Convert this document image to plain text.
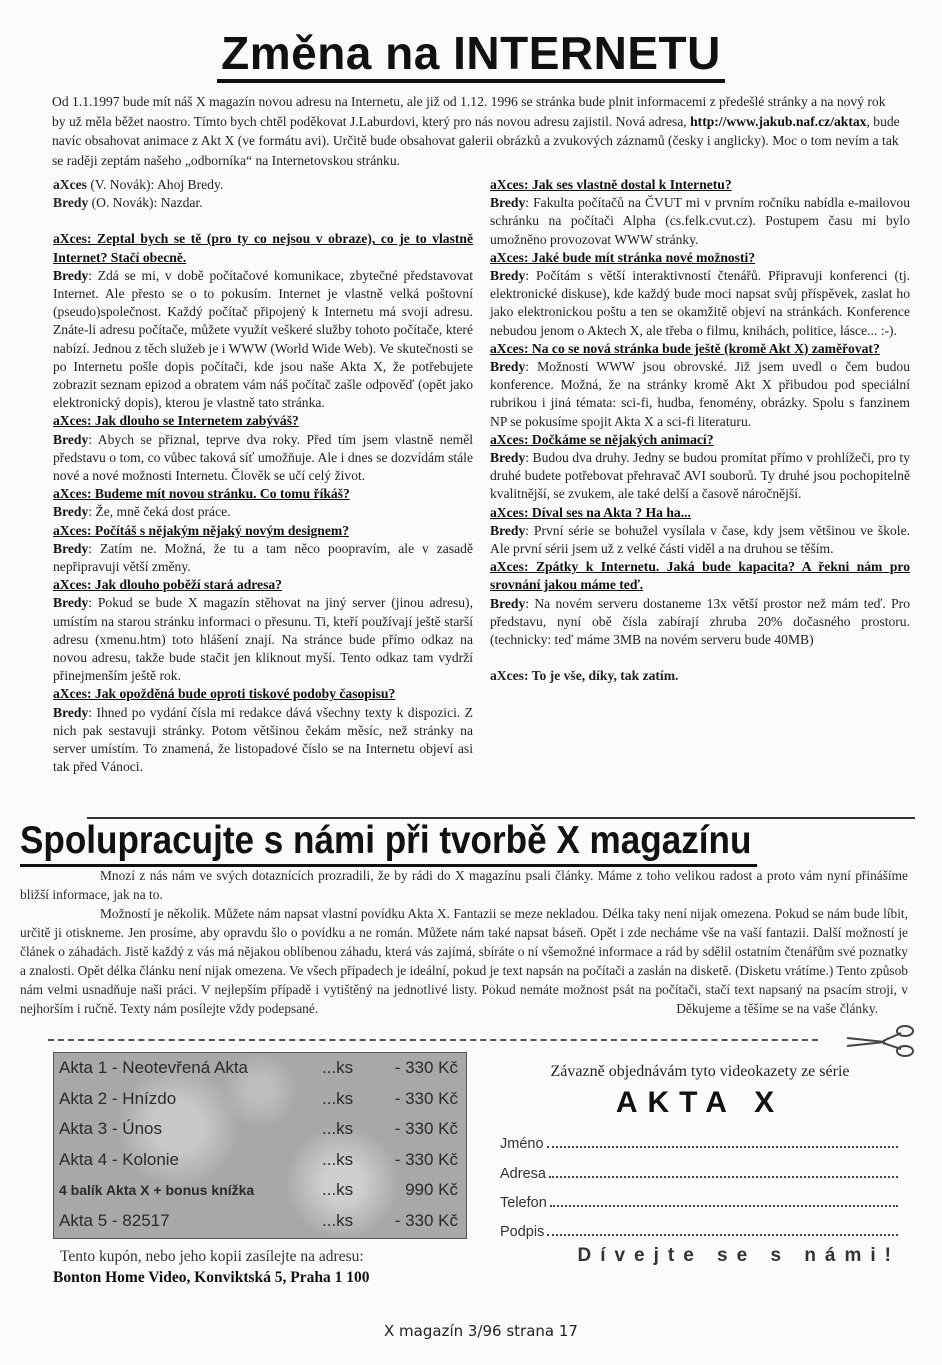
Změna na INTERNETU
Od 1.1.1997 bude mít náš X magazín novou adresu na Internetu, ale již od 1.12. 1996 se stránka bude plnit informacemi z předešlé stránky a na nový rok by už měla běžet naostro. Tímto bych chtěl poděkovat J.Laburdovi, který pro nás novou adresu zajistil. Nová adresa, http://www.jakub.naf.cz/aktax, bude navíc obsahovat animace z Akt X (ve formátu avi). Určitě bude obsahovat galerii obrázků a zvukových záznamů (česky i anglicky). Moc o tom nevím a tak se raději zeptám našeho „odborníka“ na Internetovskou stránku.
aXces (V. Novák): Ahoj Bredy.
Bredy (O. Novák): Nazdar.
aXces: Zeptal bych se tě (pro ty co nejsou v obraze), co je to vlastně Internet? Stačí obecně.
Bredy: Zdá se mi, v době počítačové komunikace, zbytečné představovat Internet. Ale přesto se o to pokusím. Internet je vlastně velká poštovní (pseudo)společnost. Každý počítač připojený k Internetu má svoji adresu. Znáte-li adresu počítače, můžete využít veškeré služby tohoto počítače, které nabízí. Jednou z těch služeb je i WWW (World Wide Web). Ve skutečnosti se po Internetu pošle dopis počítači, kde jsou naše Akta X, že potřebujete zobrazit seznam epizod a obratem vám náš počítač zašle odpověď (opět jako elektronický dopis), kterou je vlastně tato stránka.
aXces: Jak dlouho se Internetem zabýváš?
Bredy: Abych se přiznal, teprve dva roky. Před tím jsem vlastně neměl představu o tom, co vůbec taková síť umožňuje. Ale i dnes se dozvídám stále nové a nové možnosti Internetu. Člověk se učí celý život.
aXces: Budeme mít novou stránku. Co tomu říkáš?
Bredy: Že, mně čeká dost práce.
aXces: Počítáš s nějakým nějaký novým designem?
Bredy: Zatím ne. Možná, že tu a tam něco poopravím, ale v zasadě nepřipravuji větší změny.
aXces: Jak dlouho poběží stará adresa?
Bredy: Pokud se bude X magazín stěhovat na jiný server (jinou adresu), umístím na starou stránku informaci o přesunu. Ti, kteří používají ještě starší adresu (xmenu.htm) toto hlášení znají. Na stránce bude přímo odkaz na novou adresu, takže bude stačit jen kliknout myší. Tento odkaz tam vydrží přinejmenším ještě rok.
aXces: Jak opožděná bude oproti tiskové podoby časopisu?
Bredy: Ihned po vydání čísla mi redakce dává všechny texty k dispozici. Z nich pak sestavuji stránky. Potom většinou čekám měsíc, než stránky na server umístím. To znamená, že listopadové číslo se na Internetu objeví asi tak před Vánoci.
aXces: Jak ses vlastně dostal k Internetu?
Bredy: Fakulta počítačů na ČVUT mi v prvním ročníku nabídla e-mailovou schránku na počítači Alpha (cs.felk.cvut.cz). Postupem času mi bylo umožněno provozovat WWW stránky.
aXces: Jaké bude mít stránka nové možnosti?
Bredy: Počítám s větší interaktivností čtenářů. Připravuji konferenci (tj. elektronické diskuse), kde každý bude moci napsat svůj příspěvek, zaslat ho jako elektronickou poštu a ten se okamžitě objeví na stránkách. Konference nebudou jenom o Aktech X, ale třeba o filmu, knihách, politice, lásce... :-).
aXces: Na co se nová stránka bude ještě (kromě Akt X) zaměřovat?
Bredy: Možnosti WWW jsou obrovské. Již jsem uvedl o čem budou konference. Možná, že na stránky kromě Akt X přibudou pod speciální rubrikou i jiná témata: sci-fi, hudba, fenomény, obrázky. Spolu s fanzinem NP se pokusíme spojit Akta X a sci-fi literaturu.
aXces: Dočkáme se nějakých animací?
Bredy: Budou dva druhy. Jedny se budou promítat přímo v prohlížeči, pro ty druhé budete potřebovat přehravač AVI souborů. Ty druhé jsou pochopitelně kvalitnější, se zvukem, ale také delší a časově náročnější.
aXces: Díval ses na Akta ? Ha ha...
Bredy: První série se bohužel vysílala v čase, kdy jsem většinou ve škole. Ale první sérii jsem už z velké části viděl a na druhou se těším.
aXces: Zpátky k Internetu. Jaká bude kapacita? A řekni nám pro srovnání jakou máme teď.
Bredy: Na novém serveru dostaneme 13x větší prostor než mám teď. Pro představu, nyní obě čísla zabírají zhruba 20% dočasného prostoru. (technicky: teď máme 3MB na novém serveru bude 40MB)
aXces: To je vše, díky, tak zatím.
Spolupracujte s námi při tvorbě X magazínu
Mnozí z nás nám ve svých dotaznících prozradili, že by rádi do X magazínu psali články. Máme z toho velikou radost a proto vám nyní přinášíme bližší informace, jak na to.
Možností je několik. Můžete nám napsat vlastní povídku Akta X. Fantazii se meze nekladou. Délka taky není nijak omezena. Pokud se nám bude líbit, určitě ji otiskneme. Jen prosíme, aby opravdu šlo o povídku a ne román. Můžete nám také napsat báseň. Opět i zde necháme vše na vaší fantazii. Další možností je článek o záhadách. Jistě každý z vás má nějakou oblíbenou záhadu, která vás zajímá, sbíráte o ní všemožné informace a rád by sdělil ostatním čtenářům své poznatky a znalosti. Opět délka článku není nijak omezena. Ve všech případech je ideální, pokud je text napsán na počítači a zaslán na disketě. (Disketu vrátíme.) Tento způsob nám velmi usnadňuje naši práci. V nejlepším případě i vytištěný na jednotlivé listy. Pokud nemáte možnost psát na počítači, stačí text napsaný na psacím stroji, v nejhorším i ručně. Texty nám posílejte vždy podepsané.	Děkujeme a těšíme se na vaše články.
Akta 1 - Neotevřená Akta	...ks - 330 Kč
Akta 2 - Hnízdo	...ks - 330 Kč
Akta 3 - Únos	...ks - 330 Kč
Akta 4 - Kolonie	...ks - 330 Kč
4 balík Akta X + bonus knížka	...ks	990 Kč
Akta 5 - 82517	...ks - 330 Kč
Závazně objednávám tyto videokazety ze série
AKTA X
Jméno
Adresa
Telefon
Podpis
Dívejte se s námi!
Tento kupón, nebo jeho kopii zasílejte na adresu:
Bonton Home Video, Konviktská 5, Praha 1 100
X magazín 3/96 strana 17
